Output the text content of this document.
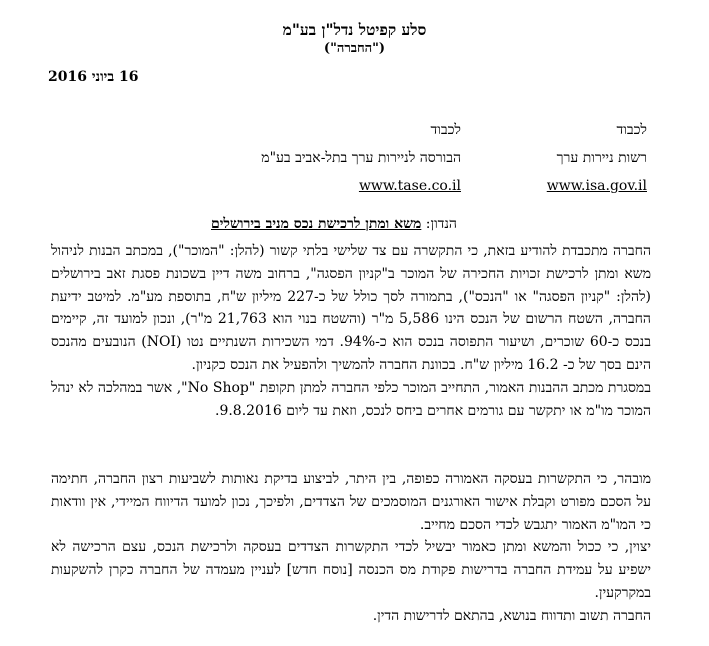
סלע קפיטל נדל"ן בע"מ
("החברה")
16 ביוני 2016
לכבוד
רשות ניירות ערך
www.isa.gov.il
לכבוד
הבורסה לניירות ערך בתל-אביב בע"מ
www.tase.co.il
הנדון: משא ומתן לרכישת נכס מניב בירושלים

החברה מתכבדת להודיע בזאת, כי התקשרה עם צד שלישי בלתי קשור (להלן: "המוכר"), במכתב הבנות לניהול משא ומתן לרכישת זכויות החכירה של המוכר ב"קניון הפסגה", ברחוב משה דיין בשכונת פסגת זאב בירושלים (להלן: "קניון הפסגה" או "הנכס"), בתמורה לסך כולל של כ-227 מיליון ש"ח, בתוספת מע"מ. למיטב ידיעת החברה, השטח הרשום של הנכס הינו 5,586 מ"ר (והשטח בנוי הוא 21,763 מ"ר), ונכון למועד זה, קיימים בנכס כ-60 שוכרים, ושיעור התפוסה בנכס הוא כ-94%. דמי השכירות השנתיים נטו (NOI) הנובעים מהנכס הינם בסך של כ- 16.2 מיליון ש"ח. בכוונת החברה להמשיך ולהפעיל את הנכס כקניון.

במסגרת מכתב ההבנות האמור, התחייב המוכר כלפי החברה למתן תקופת "No Shop", אשר במהלכה לא ינהל המוכר מו"מ או יתקשר עם גורמים אחרים ביחס לנכס, וזאת עד ליום 9.8.2016.

מובהר, כי התקשרות בעסקה האמורה כפופה, בין היתר, לביצוע בדיקת נאותות לשביעות רצון החברה, חתימה על הסכם מפורט וקבלת אישור האורגנים המוסמכים של הצדדים, ולפיכך, נכון למועד הדיווח המיידי, אין וודאות כי המו"מ האמור יתגבש לכדי הסכם מחייב.

יצוין, כי ככול והמשא ומתן כאמור יבשיל לכדי התקשרות הצדדים בעסקה ולרכישת הנכס, עצם הרכישה לא ישפיע על עמידת החברה בדרישות פקודת מס הכנסה [נוסח חדש] לעניין מעמדה של החברה כקרן להשקעות במקרקעין.

החברה תשוב ותדווח בנושא, בהתאם לדרישות הדין.
